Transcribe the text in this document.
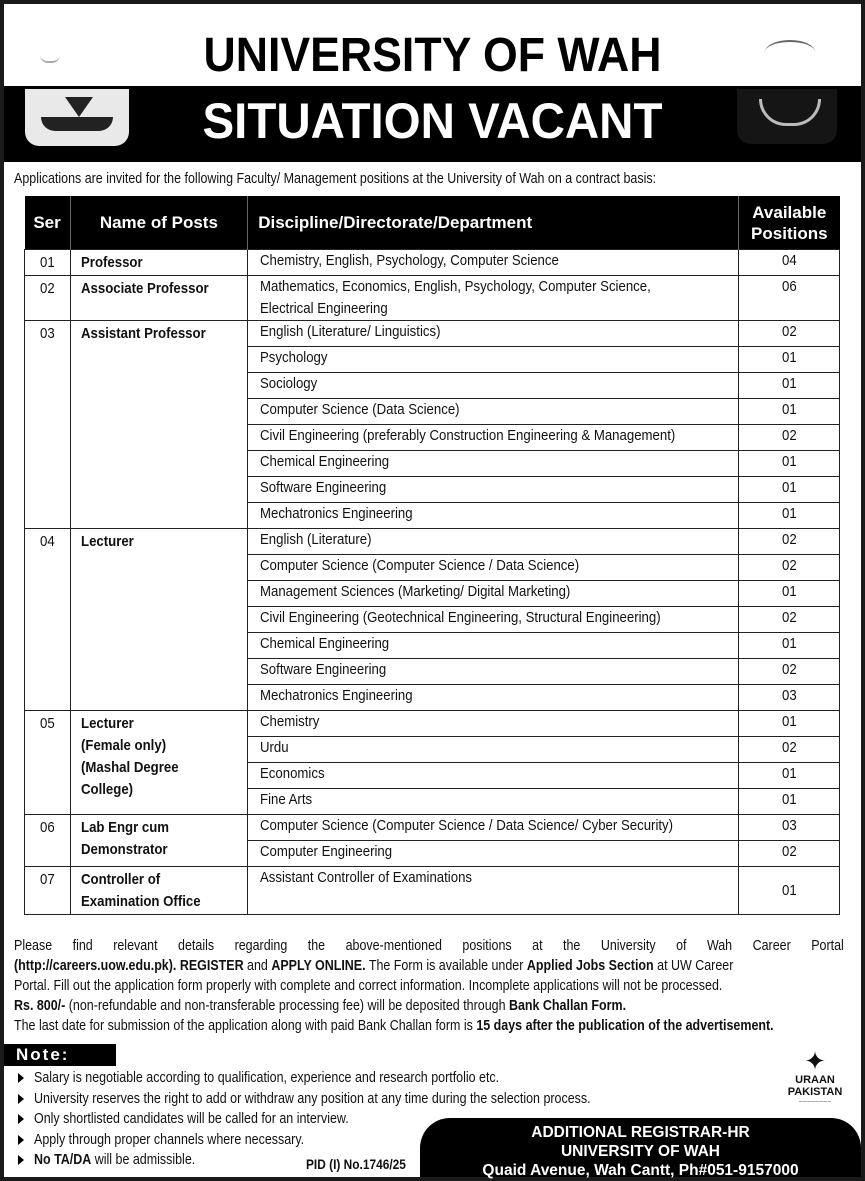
UNIVERSITY OF WAH
SITUATION VACANT
Applications are invited for the following Faculty/ Management positions at the University of Wah on a contract basis:
Ser	Name of Posts	Discipline/Directorate/Department	Available
Positions
01	Professor	Chemistry, English, Psychology, Computer Science	04
02	Associate Professor	Mathematics, Economics, English, Psychology, Computer Science,
Electrical Engineering	06
03	Assistant Professor	English (Literature/ Linguistics)	02
		Psychology	01
		Sociology	01
		Computer Science (Data Science)	01
		Civil Engineering (preferably Construction Engineering & Management)	02
		Chemical Engineering	01
		Software Engineering	01
		Mechatronics Engineering	01
04	Lecturer	English (Literature)	02
		Computer Science (Computer Science / Data Science)	02
		Management Sciences (Marketing/ Digital Marketing)	01
		Civil Engineering (Geotechnical Engineering, Structural Engineering)	02
		Chemical Engineering	01
		Software Engineering	02
		Mechatronics Engineering	03
05	Lecturer
(Female only)
(Mashal Degree
College)	Chemistry	01
		Urdu	02
		Economics	01
		Fine Arts	01
06	Lab Engr cum
Demonstrator	Computer Science (Computer Science / Data Science/ Cyber Security)	03
		Computer Engineering	02
07	Controller of
Examination Office	Assistant Controller of Examinations	01

Please find relevant details regarding the above-mentioned positions at the University of Wah Career Portal

(http://careers.uow.edu.pk). REGISTER and APPLY ONLINE. The Form is available under Applied Jobs Section at UW Career

Portal. Fill out the application form properly with complete and correct information. Incomplete applications will not be processed.

Rs. 800/- (non-refundable and non-transferable processing fee) will be deposited through Bank Challan Form.

The last date for submission of the application along with paid Bank Challan form is 15 days after the publication of the advertisement.

Note:
Salary is negotiable according to qualification, experience and research portfolio etc.
University reserves the right to add or withdraw any position at any time during the selection process.
Only shortlisted candidates will be called for an interview.
Apply through proper channels where necessary.
No TA/DA will be admissible.	PID (I) No.1746/25
ADDITIONAL REGISTRAR-HR
UNIVERSITY OF WAH
Quaid Avenue, Wah Cantt, Ph#051-9157000
✦
URAAN
PAKISTAN
~~~~~~~~
